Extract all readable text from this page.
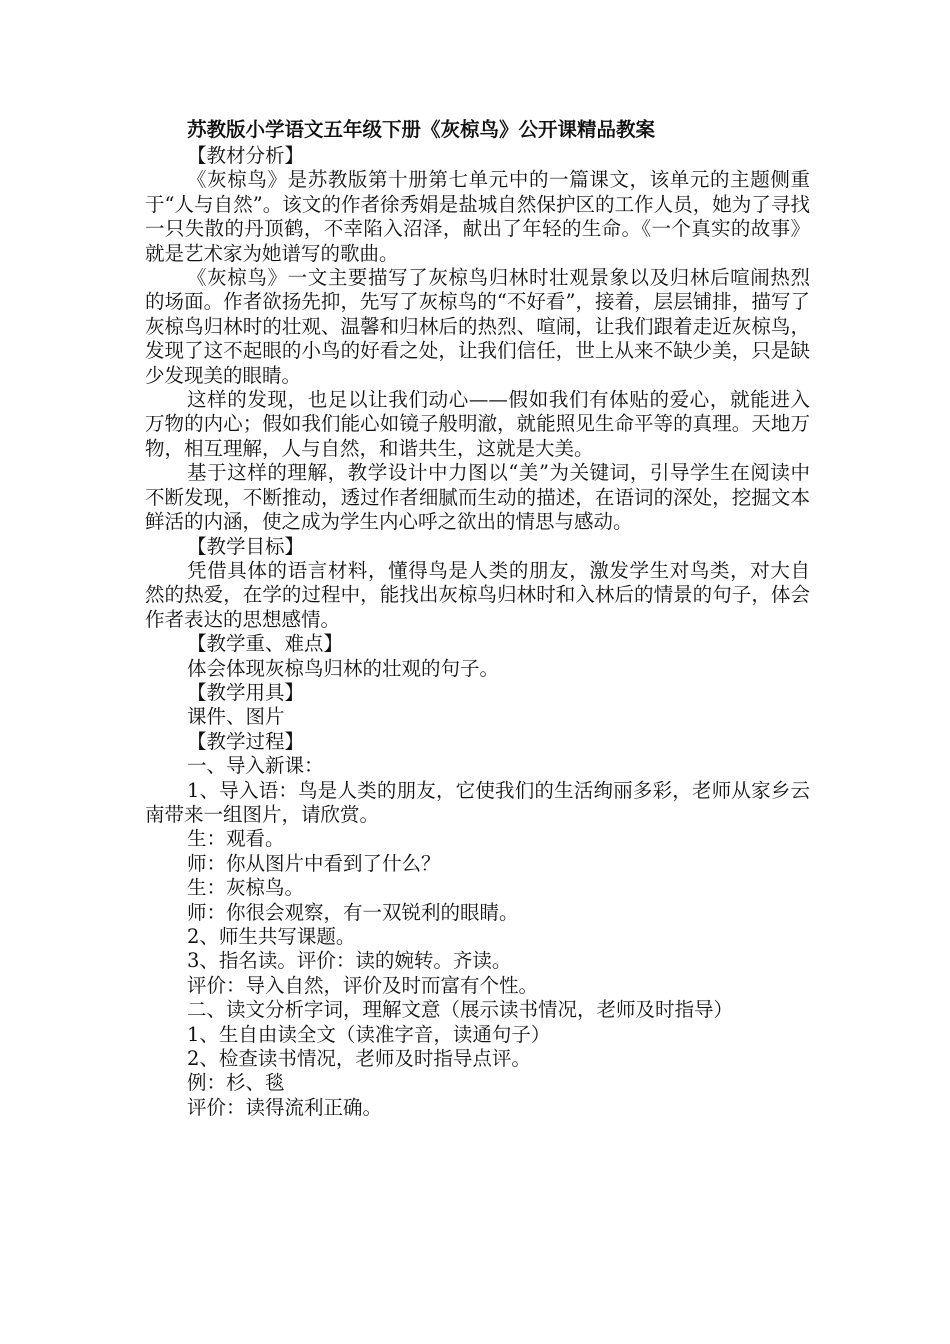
苏教版小学语文五年级下册《灰椋鸟》公开课精品教案

【教材分析】

《灰椋鸟》是苏教版第十册第七单元中的一篇课文，该单元的主题侧重于“人与自然”。该文的作者徐秀娟是盐城自然保护区的工作人员，她为了寻找一只失散的丹顶鹤，不幸陷入沼泽，献出了年轻的生命。《一个真实的故事》就是艺术家为她谱写的歌曲。

《灰椋鸟》一文主要描写了灰椋鸟归林时壮观景象以及归林后喧闹热烈的场面。作者欲扬先抑，先写了灰椋鸟的“不好看”，接着，层层铺排，描写了灰椋鸟归林时的壮观、温馨和归林后的热烈、喧闹，让我们跟着走近灰椋鸟，发现了这不起眼的小鸟的好看之处，让我们信任，世上从来不缺少美，只是缺少发现美的眼睛。

这样的发现，也足以让我们动心——假如我们有体贴的爱心，就能进入万物的内心；假如我们能心如镜子般明澈，就能照见生命平等的真理。天地万物，相互理解，人与自然，和谐共生，这就是大美。

基于这样的理解，教学设计中力图以“美”为关键词，引导学生在阅读中不断发现，不断推动，透过作者细腻而生动的描述，在语词的深处，挖掘文本鲜活的内涵，使之成为学生内心呼之欲出的情思与感动。

【教学目标】

凭借具体的语言材料，懂得鸟是人类的朋友，激发学生对鸟类，对大自然的热爱，在学的过程中，能找出灰椋鸟归林时和入林后的情景的句子，体会作者表达的思想感情。

【教学重、难点】

体会体现灰椋鸟归林的壮观的句子。

【教学用具】

课件、图片

【教学过程】

一、导入新课：

1、导入语：鸟是人类的朋友，它使我们的生活绚丽多彩，老师从家乡云南带来一组图片，请欣赏。

生：观看。

师：你从图片中看到了什么？

生：灰椋鸟。

师：你很会观察，有一双锐利的眼睛。

2、师生共写课题。

3、指名读。评价：读的婉转。齐读。

评价：导入自然，评价及时而富有个性。

二、读文分析字词，理解文意（展示读书情况，老师及时指导）

1、生自由读全文（读准字音，读通句子）

2、检查读书情况，老师及时指导点评。

例：杉、毯

评价：读得流利正确。
